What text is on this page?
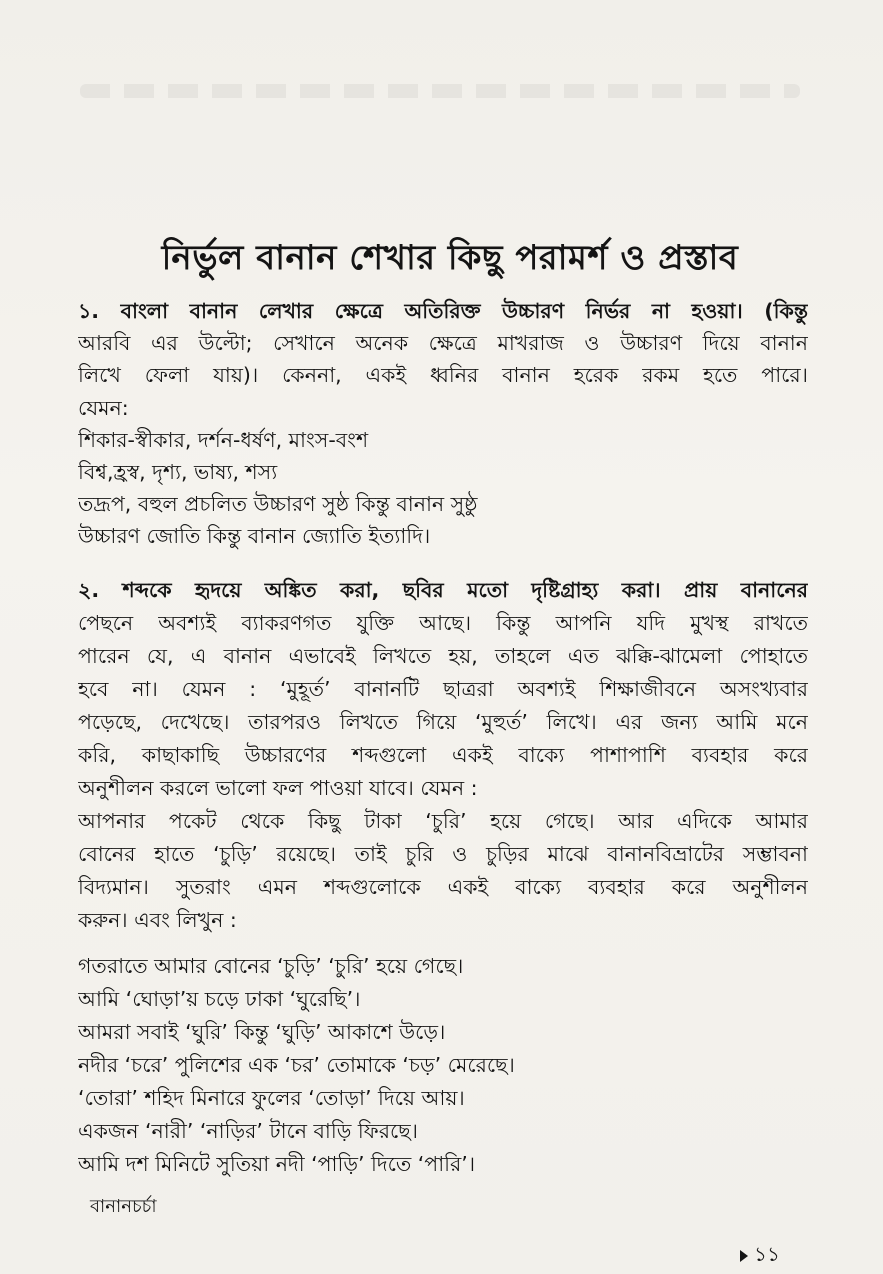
নির্ভুল বানান শেখার কিছু পরামর্শ ও প্রস্তাব
১. বাংলা বানান লেখার ক্ষেত্রে অতিরিক্ত উচ্চারণ নির্ভর না হওয়া। (কিন্তু
আরবি এর উল্টো; সেখানে অনেক ক্ষেত্রে মাখরাজ ও উচ্চারণ দিয়ে বানান
লিখে ফেলা যায়)। কেননা, একই ধ্বনির বানান হরেক রকম হতে পারে।
যেমন:
শিকার-স্বীকার, দর্শন-ধর্ষণ, মাংস-বংশ
বিশ্ব,হ্রস্ব, দৃশ্য, ভাষ্য, শস্য
তদ্রূপ, বহুল প্রচলিত উচ্চারণ সুষ্ঠ কিন্তু বানান সুষ্ঠু
উচ্চারণ জোতি কিন্তু বানান জ্যোতি ইত্যাদি।
২. শব্দকে হৃদয়ে অঙ্কিত করা, ছবির মতো দৃষ্টিগ্রাহ্য করা। প্রায় বানানের
পেছনে অবশ্যই ব্যাকরণগত যুক্তি আছে। কিন্তু আপনি যদি মুখস্থ রাখতে
পারেন যে, এ বানান এভাবেই লিখতে হয়, তাহলে এত ঝক্কি-ঝামেলা পোহাতে
হবে না। যেমন : ‘মুহূর্ত’ বানানটি ছাত্ররা অবশ্যই শিক্ষাজীবনে অসংখ্যবার
পড়েছে, দেখেছে। তারপরও লিখতে গিয়ে ‘মুহুর্ত’ লিখে। এর জন্য আমি মনে
করি, কাছাকাছি উচ্চারণের শব্দগুলো একই বাক্যে পাশাপাশি ব্যবহার করে
অনুশীলন করলে ভালো ফল পাওয়া যাবে। যেমন :
আপনার পকেট থেকে কিছু টাকা ‘চুরি’ হয়ে গেছে। আর এদিকে আমার
বোনের হাতে ‘চুড়ি’ রয়েছে। তাই চুরি ও চুড়ির মাঝে বানানবিভ্রাটের সম্ভাবনা
বিদ্যমান। সুতরাং এমন শব্দগুলোকে একই বাক্যে ব্যবহার করে অনুশীলন
করুন। এবং লিখুন :
গতরাতে আমার বোনের ‘চুড়ি’ ‘চুরি’ হয়ে গেছে।
আমি ‘ঘোড়া’য় চড়ে ঢাকা ‘ঘুরেছি’।
আমরা সবাই ‘ঘুরি’ কিন্তু ‘ঘুড়ি’ আকাশে উড়ে।
নদীর ‘চরে’ পুলিশের এক ‘চর’ তোমাকে ‘চড়’ মেরেছে।
‘তোরা’ শহিদ মিনারে ফুলের ‘তোড়া’ দিয়ে আয়।
একজন ‘নারী’ ‘নাড়ির’ টানে বাড়ি ফিরছে।
আমি দশ মিনিটে সুতিয়া নদী ‘পাড়ি’ দিতে ‘পারি’।
বানানচর্চা
১১
